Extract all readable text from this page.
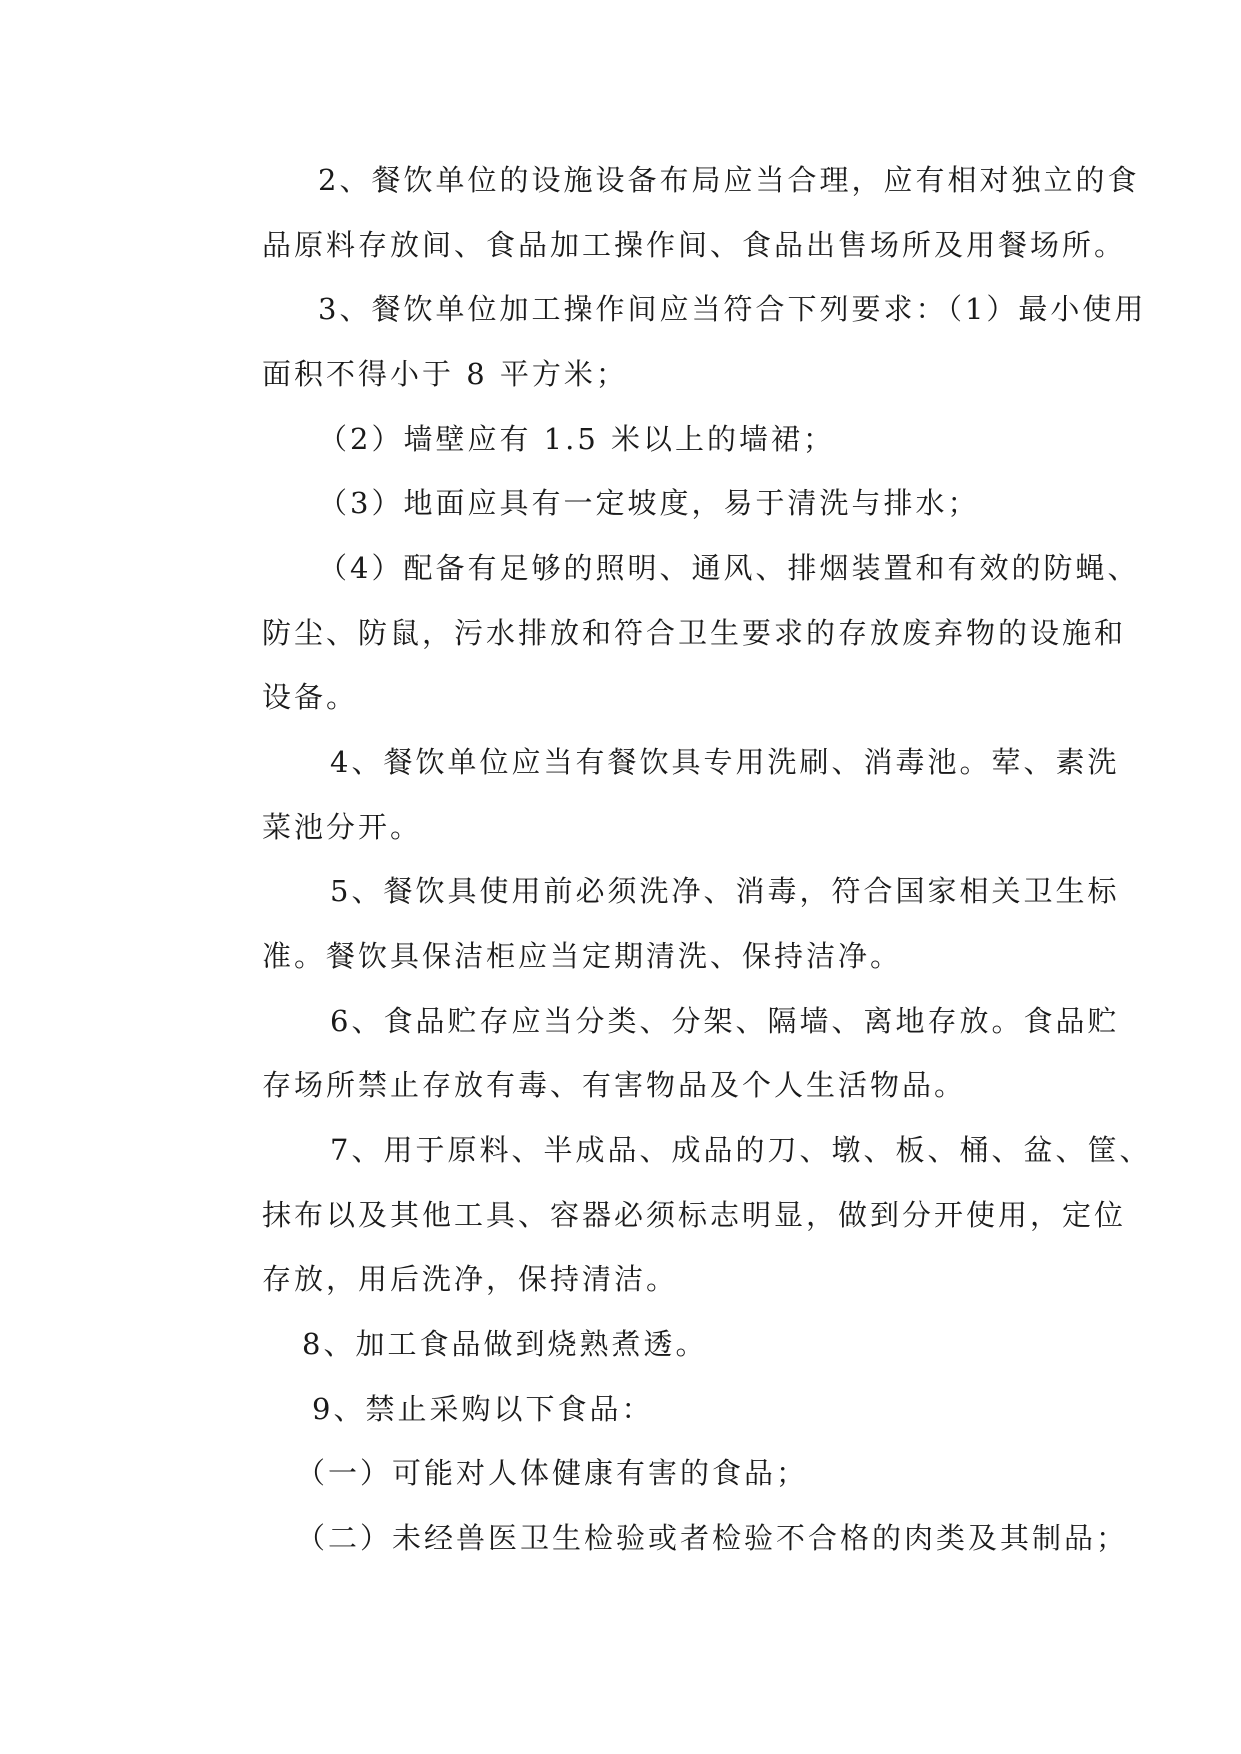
2、餐饮单位的设施设备布局应当合理，应有相对独立的食
品原料存放间、食品加工操作间、食品出售场所及用餐场所。
3、餐饮单位加工操作间应当符合下列要求：（1）最小使用
面积不得小于 8 平方米；
（2）墙壁应有 1.5 米以上的墙裙；
（3）地面应具有一定坡度，易于清洗与排水；
（4）配备有足够的照明、通风、排烟装置和有效的防蝇、
防尘、防鼠，污水排放和符合卫生要求的存放废弃物的设施和
设备。
4、餐饮单位应当有餐饮具专用洗刷、消毒池。荤、素洗
菜池分开。
5、餐饮具使用前必须洗净、消毒，符合国家相关卫生标
准。餐饮具保洁柜应当定期清洗、保持洁净。
6、食品贮存应当分类、分架、隔墙、离地存放。食品贮
存场所禁止存放有毒、有害物品及个人生活物品。
7、用于原料、半成品、成品的刀、墩、板、桶、盆、筐、
抹布以及其他工具、容器必须标志明显，做到分开使用，定位
存放，用后洗净，保持清洁。
8、加工食品做到烧熟煮透。
9、禁止采购以下食品：
（一）可能对人体健康有害的食品；
（二）未经兽医卫生检验或者检验不合格的肉类及其制品；
